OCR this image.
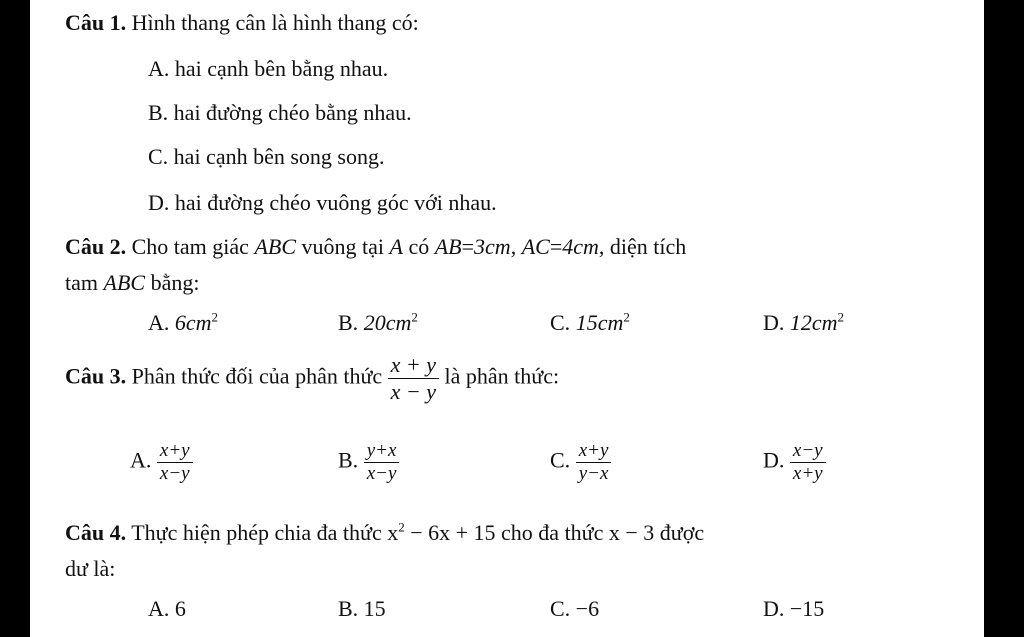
Câu 1. Hình thang cân là hình thang có:
A. hai cạnh bên bằng nhau.
B. hai đường chéo bằng nhau.
C. hai cạnh bên song song.
D. hai đường chéo vuông góc với nhau.
Câu 2. Cho tam giác ABC vuông tại A có AB=3cm, AC=4cm, diện tích
tam ABC bằng:
A. $6cm^2$	B. $20cm^2$	C. $15cm^2$	D. $12cm^2$
Câu 3. Phân thức đối của phân thức $\frac{x + y}{x - y}$ là phân thức:
A. $\frac{x+y}{x-y}$	B. $\frac{y+x}{x-y}$	C. $\frac{x+y}{y-x}$	D. $\frac{x-y}{x+y}$
Câu 4. Thực hiện phép chia đa thức $x^2 - 6x + 15$ cho đa thức x − 3 được
dư là:
A. 6	B. 15	C. −6	D. −15
